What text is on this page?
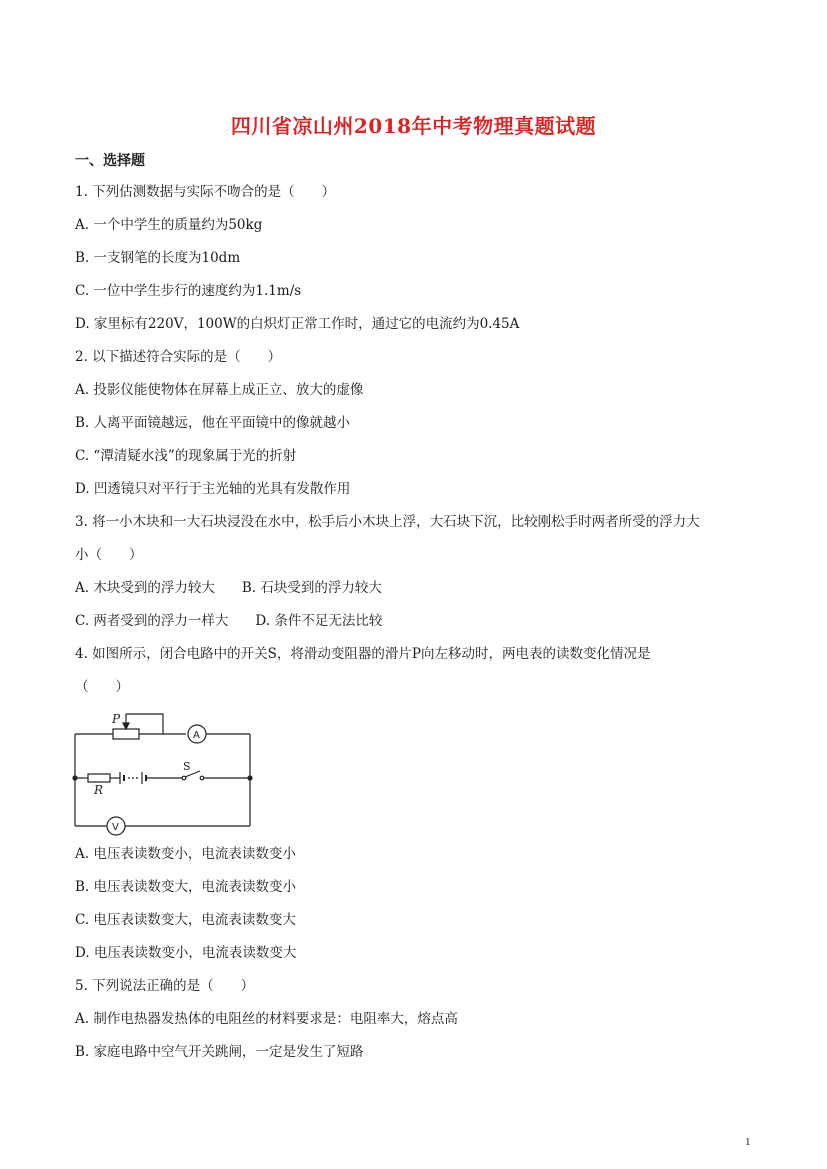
四川省凉山州2018年中考物理真题试题
一、选择题
1. 下列估测数据与实际不吻合的是（　　）
A. 一个中学生的质量约为50kg
B. 一支钢笔的长度为10dm
C. 一位中学生步行的速度约为1.1m/s
D. 家里标有220V，100W的白炽灯正常工作时，通过它的电流约为0.45A
2. 以下描述符合实际的是（　　）
A. 投影仪能使物体在屏幕上成正立、放大的虚像
B. 人离平面镜越远，他在平面镜中的像就越小
C. “潭清疑水浅”的现象属于光的折射
D. 凹透镜只对平行于主光轴的光具有发散作用
3. 将一小木块和一大石块浸没在水中，松手后小木块上浮，大石块下沉，比较刚松手时两者所受的浮力大
小（　　）
A. 木块受到的浮力较大　　B. 石块受到的浮力较大
C. 两者受到的浮力一样大　　D. 条件不足无法比较
4. 如图所示，闭合电路中的开关S，将滑动变阻器的滑片P向左移动时，两电表的读数变化情况是
（　　）
P
A
R
S
V
A. 电压表读数变小，电流表读数变小
B. 电压表读数变大，电流表读数变小
C. 电压表读数变大，电流表读数变大
D. 电压表读数变小，电流表读数变大
5. 下列说法正确的是（　　）
A. 制作电热器发热体的电阻丝的材料要求是：电阻率大，熔点高
B. 家庭电路中空气开关跳闸，一定是发生了短路
1
